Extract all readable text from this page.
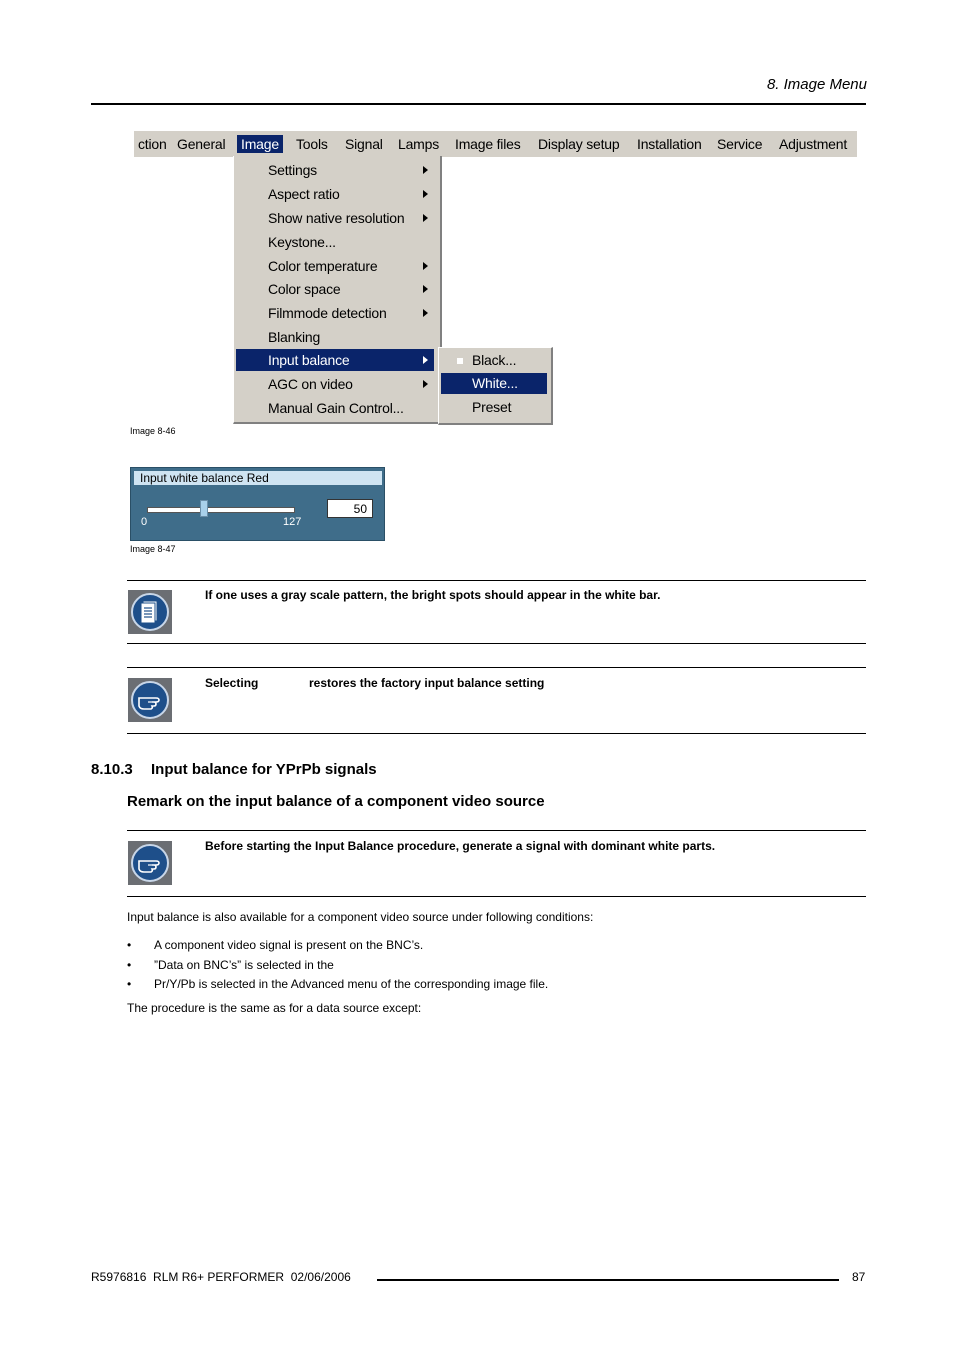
8. Image Menu
ction General Image Tools Signal Lamps Image files Display setup Installation Service Adjustment
Settings
Aspect ratio
Show native resolution
Keystone...
Color temperature
Color space
Filmmode detection
Blanking
Input balance
AGC on video
Manual Gain Control...
Black...
White...
Preset
Image 8-46
Input white balance Red
0	127
50
Image 8-47
If one uses a gray scale pattern, the bright spots should appear in the white bar.
Selecting	restores the factory input balance setting
8.10.3 Input balance for YPrPb signals
Remark on the input balance of a component video source
Before starting the Input Balance procedure, generate a signal with dominant white parts.
Input balance is also available for a component video source under following conditions:
• A component video signal is present on the BNC’s.
• ”Data on BNC’s” is selected in the
• Pr/Y/Pb is selected in the Advanced menu of the corresponding image file.
The procedure is the same as for a data source except:
R5976816  RLM R6+ PERFORMER  02/06/2006	87
